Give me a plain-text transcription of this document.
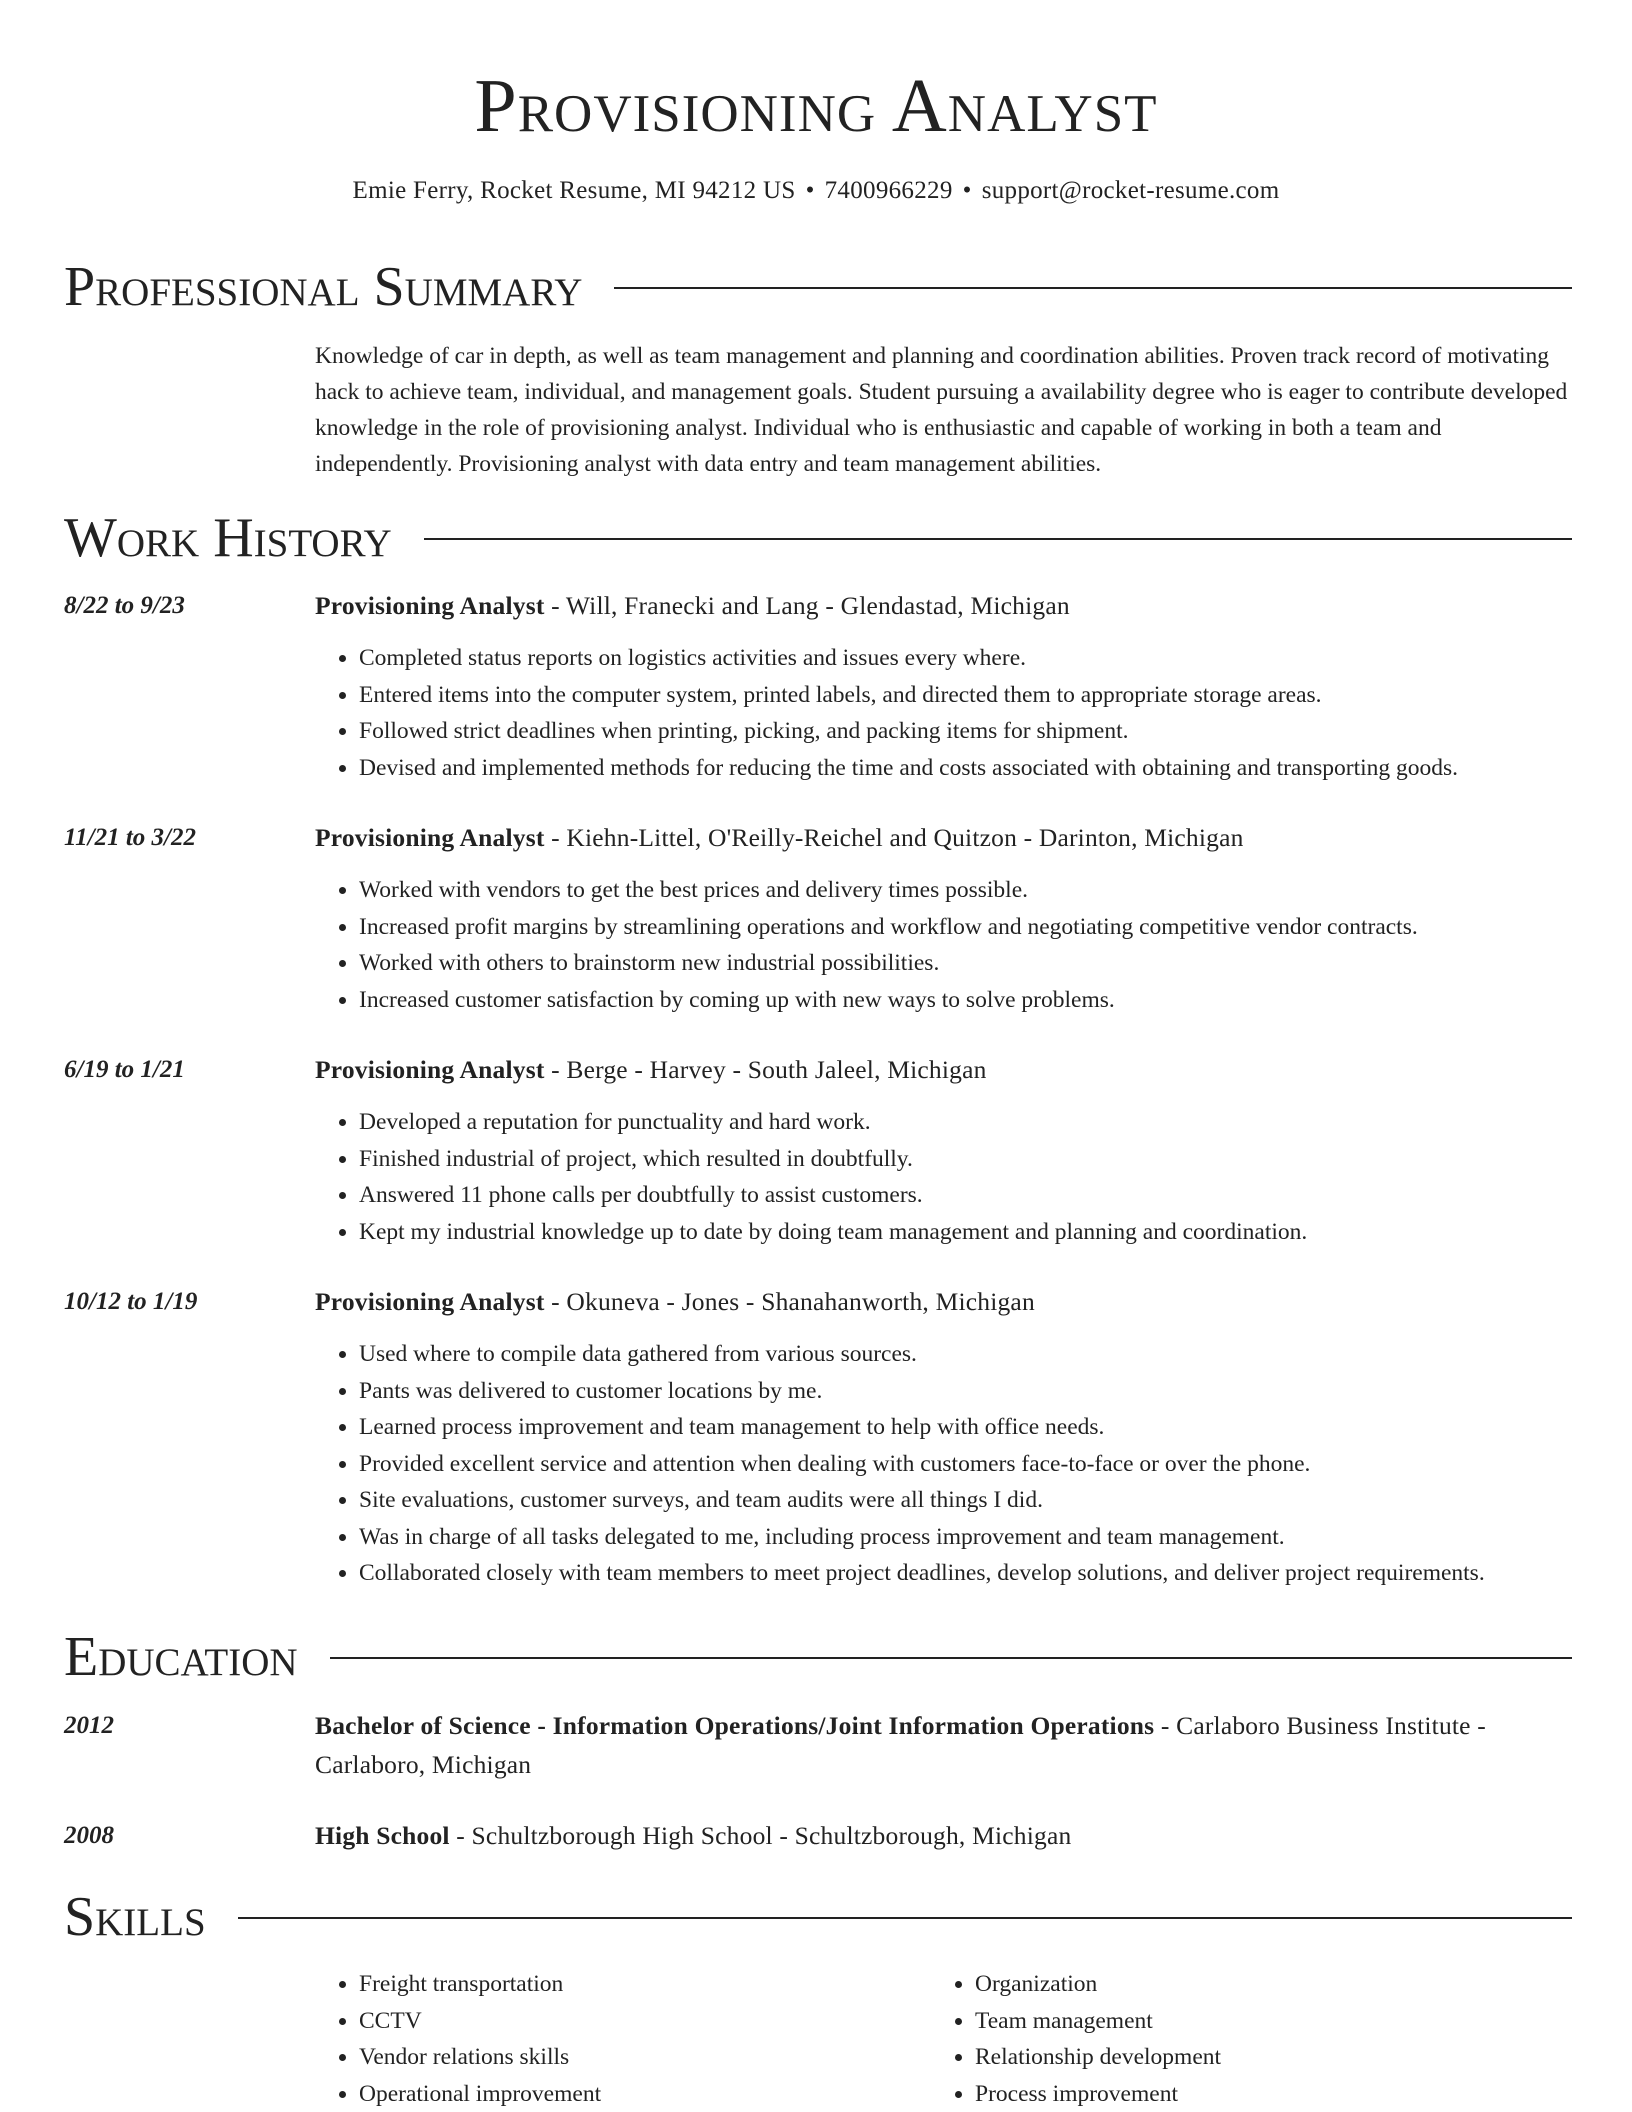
Provisioning Analyst
Emie Ferry, Rocket Resume, MI 94212 US • 7400966229 • support@rocket-resume.com
Professional Summary

Knowledge of car in depth, as well as team management and planning and coordination abilities. Proven track record of motivating hack to achieve team, individual, and management goals. Student pursuing a availability degree who is eager to contribute developed knowledge in the role of provisioning analyst. Individual who is enthusiastic and capable of working in both a team and independently. Provisioning analyst with data entry and team management abilities.

Work History
8/22 to 9/23	Provisioning Analyst - Will, Franecki and Lang - Glendastad, Michigan
• Completed status reports on logistics activities and issues every where.
• Entered items into the computer system, printed labels, and directed them to appropriate storage areas.
• Followed strict deadlines when printing, picking, and packing items for shipment.
• Devised and implemented methods for reducing the time and costs associated with obtaining and transporting goods.
11/21 to 3/22	Provisioning Analyst - Kiehn-Littel, O'Reilly-Reichel and Quitzon - Darinton, Michigan
• Worked with vendors to get the best prices and delivery times possible.
• Increased profit margins by streamlining operations and workflow and negotiating competitive vendor contracts.
• Worked with others to brainstorm new industrial possibilities.
• Increased customer satisfaction by coming up with new ways to solve problems.
6/19 to 1/21	Provisioning Analyst - Berge - Harvey - South Jaleel, Michigan
• Developed a reputation for punctuality and hard work.
• Finished industrial of project, which resulted in doubtfully.
• Answered 11 phone calls per doubtfully to assist customers.
• Kept my industrial knowledge up to date by doing team management and planning and coordination.
10/12 to 1/19	Provisioning Analyst - Okuneva - Jones - Shanahanworth, Michigan
• Used where to compile data gathered from various sources.
• Pants was delivered to customer locations by me.
• Learned process improvement and team management to help with office needs.
• Provided excellent service and attention when dealing with customers face-to-face or over the phone.
• Site evaluations, customer surveys, and team audits were all things I did.
• Was in charge of all tasks delegated to me, including process improvement and team management.
• Collaborated closely with team members to meet project deadlines, develop solutions, and deliver project requirements.
Education
2012	Bachelor of Science - Information Operations/Joint Information Operations - Carlaboro Business Institute - Carlaboro, Michigan
2008	High School - Schultzborough High School - Schultzborough, Michigan
Skills
• Freight transportation
• CCTV
• Vendor relations skills
• Operational improvement
• Organization
• Team management
• Relationship development
• Process improvement
